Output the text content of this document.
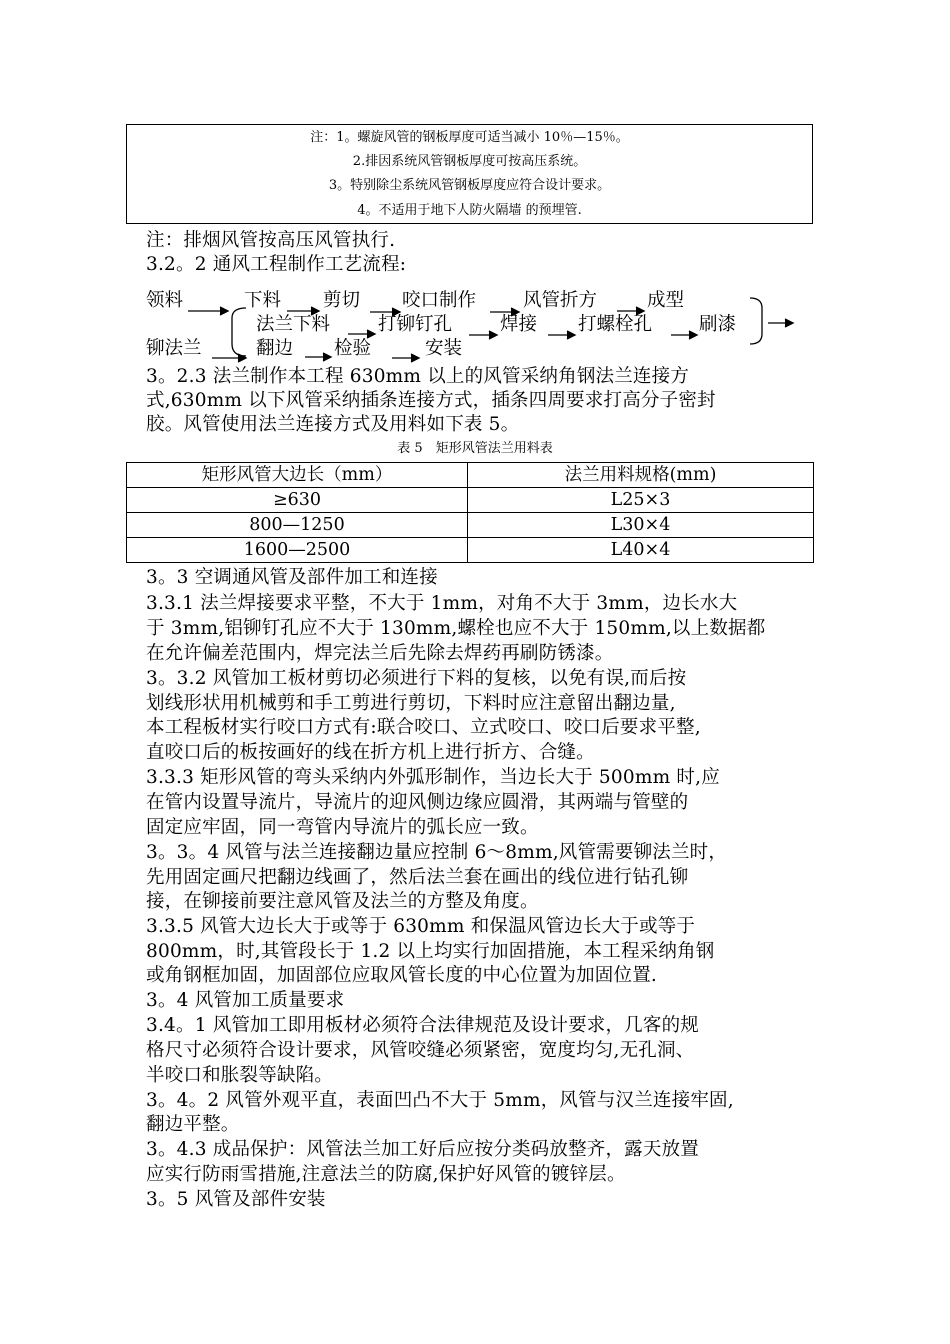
注：1。螺旋风管的钢板厚度可适当减小 10％—15％。
2.排因系统风管钢板厚度可按高压系统。
3。特别除尘系统风管钢板厚度应符合设计要求。
4。不适用于地下人防火隔墙 的预埋管.
注：排烟风管按高压风管执行.
3.2。2 通风工程制作工艺流程:
领料	下料 剪切 咬口制作	风管折方	成型
法兰下料	打铆钉孔	焊接 打螺栓孔	刷漆
铆法兰	翻边 检验	安装
3。2.3 法兰制作本工程 630mm 以上的风管采纳角钢法兰连接方
式,630mm 以下风管采纳插条连接方式，插条四周要求打高分子密封
胶。风管使用法兰连接方式及用料如下表 5。
表 5　矩形风管法兰用料表
矩形风管大边长（mm）	法兰用料规格(mm)
≥630	L25×3
800—1250	L30×4
1600—2500	L40×4
3。3 空调通风管及部件加工和连接
3.3.1 法兰焊接要求平整，不大于 1mm，对角不大于 3mm，边长水大
于 3mm,铝铆钉孔应不大于 130mm,螺栓也应不大于 150mm,以上数据都
在允许偏差范围内，焊完法兰后先除去焊药再刷防锈漆。
3。3.2 风管加工板材剪切必须进行下料的复核，以免有误,而后按
划线形状用机械剪和手工剪进行剪切，下料时应注意留出翻边量,
本工程板材实行咬口方式有:联合咬口、立式咬口、咬口后要求平整,
直咬口后的板按画好的线在折方机上进行折方、合缝。
3.3.3 矩形风管的弯头采纳内外弧形制作，当边长大于 500mm 时,应
在管内设置导流片，导流片的迎风侧边缘应圆滑，其两端与管壁的
固定应牢固，同一弯管内导流片的弧长应一致。
3。3。4 风管与法兰连接翻边量应控制 6～8mm,风管需要铆法兰时，
先用固定画尺把翻边线画了，然后法兰套在画出的线位进行钻孔铆
接，在铆接前要注意风管及法兰的方整及角度。
3.3.5 风管大边长大于或等于 630mm 和保温风管边长大于或等于
800mm，时,其管段长于 1.2 以上均实行加固措施，本工程采纳角钢
或角钢框加固，加固部位应取风管长度的中心位置为加固位置.
3。4 风管加工质量要求
3.4。1 风管加工即用板材必须符合法律规范及设计要求，几客的规
格尺寸必须符合设计要求，风管咬缝必须紧密，宽度均匀,无孔洞、
半咬口和胀裂等缺陷。
3。4。2 风管外观平直，表面凹凸不大于 5mm，风管与汉兰连接牢固,
翻边平整。
3。4.3 成品保护：风管法兰加工好后应按分类码放整齐，露天放置
应实行防雨雪措施,注意法兰的防腐,保护好风管的镀锌层。
3。5 风管及部件安装
